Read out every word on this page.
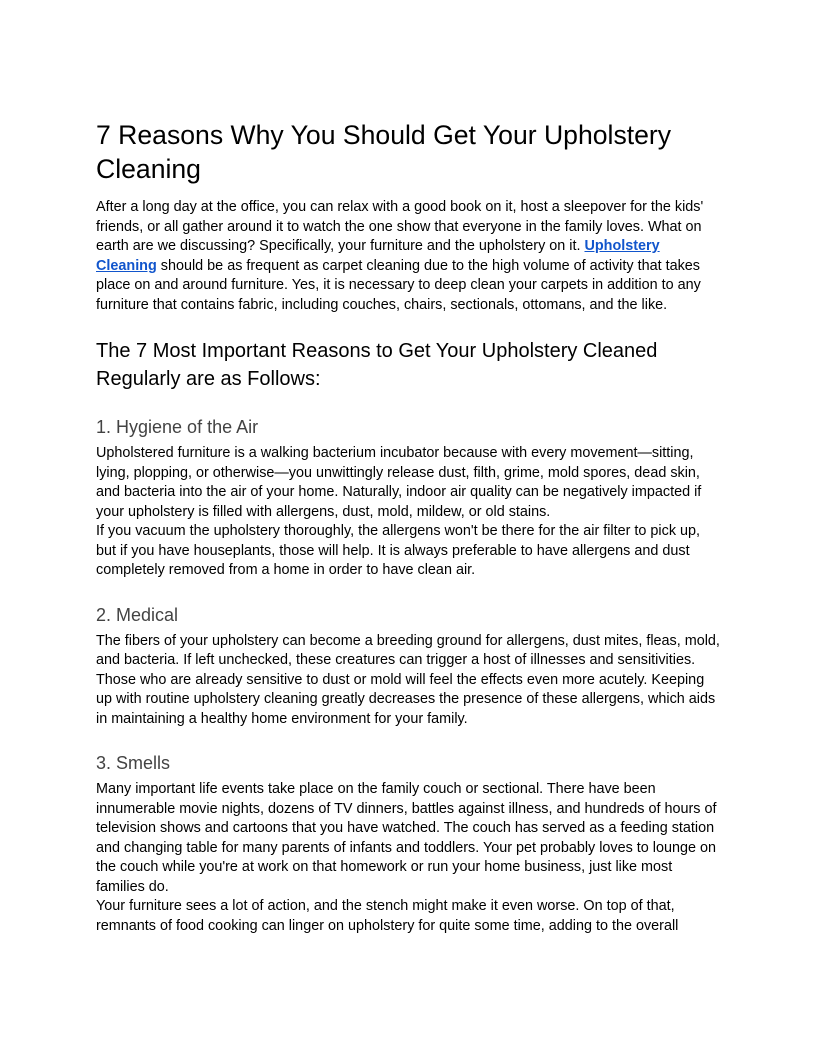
7 Reasons Why You Should Get Your Upholstery Cleaning

After a long day at the office, you can relax with a good book on it, host a sleepover for the kids' friends, or all gather around it to watch the one show that everyone in the family loves. What on earth are we discussing? Specifically, your furniture and the upholstery on it. Upholstery Cleaning should be as frequent as carpet cleaning due to the high volume of activity that takes place on and around furniture. Yes, it is necessary to deep clean your carpets in addition to any furniture that contains fabric, including couches, chairs, sectionals, ottomans, and the like.

The 7 Most Important Reasons to Get Your Upholstery Cleaned Regularly are as Follows:
1. Hygiene of the Air

Upholstered furniture is a walking bacterium incubator because with every movement—sitting, lying, plopping, or otherwise—you unwittingly release dust, filth, grime, mold spores, dead skin, and bacteria into the air of your home. Naturally, indoor air quality can be negatively impacted if your upholstery is filled with allergens, dust, mold, mildew, or old stains.

If you vacuum the upholstery thoroughly, the allergens won't be there for the air filter to pick up, but if you have houseplants, those will help. It is always preferable to have allergens and dust completely removed from a home in order to have clean air.

2. Medical

The fibers of your upholstery can become a breeding ground for allergens, dust mites, fleas, mold, and bacteria. If left unchecked, these creatures can trigger a host of illnesses and sensitivities. Those who are already sensitive to dust or mold will feel the effects even more acutely. Keeping up with routine upholstery cleaning greatly decreases the presence of these allergens, which aids in maintaining a healthy home environment for your family.

3. Smells

Many important life events take place on the family couch or sectional. There have been innumerable movie nights, dozens of TV dinners, battles against illness, and hundreds of hours of television shows and cartoons that you have watched. The couch has served as a feeding station and changing table for many parents of infants and toddlers. Your pet probably loves to lounge on the couch while you're at work on that homework or run your home business, just like most families do.

Your furniture sees a lot of action, and the stench might make it even worse. On top of that, remnants of food cooking can linger on upholstery for quite some time, adding to the overall
